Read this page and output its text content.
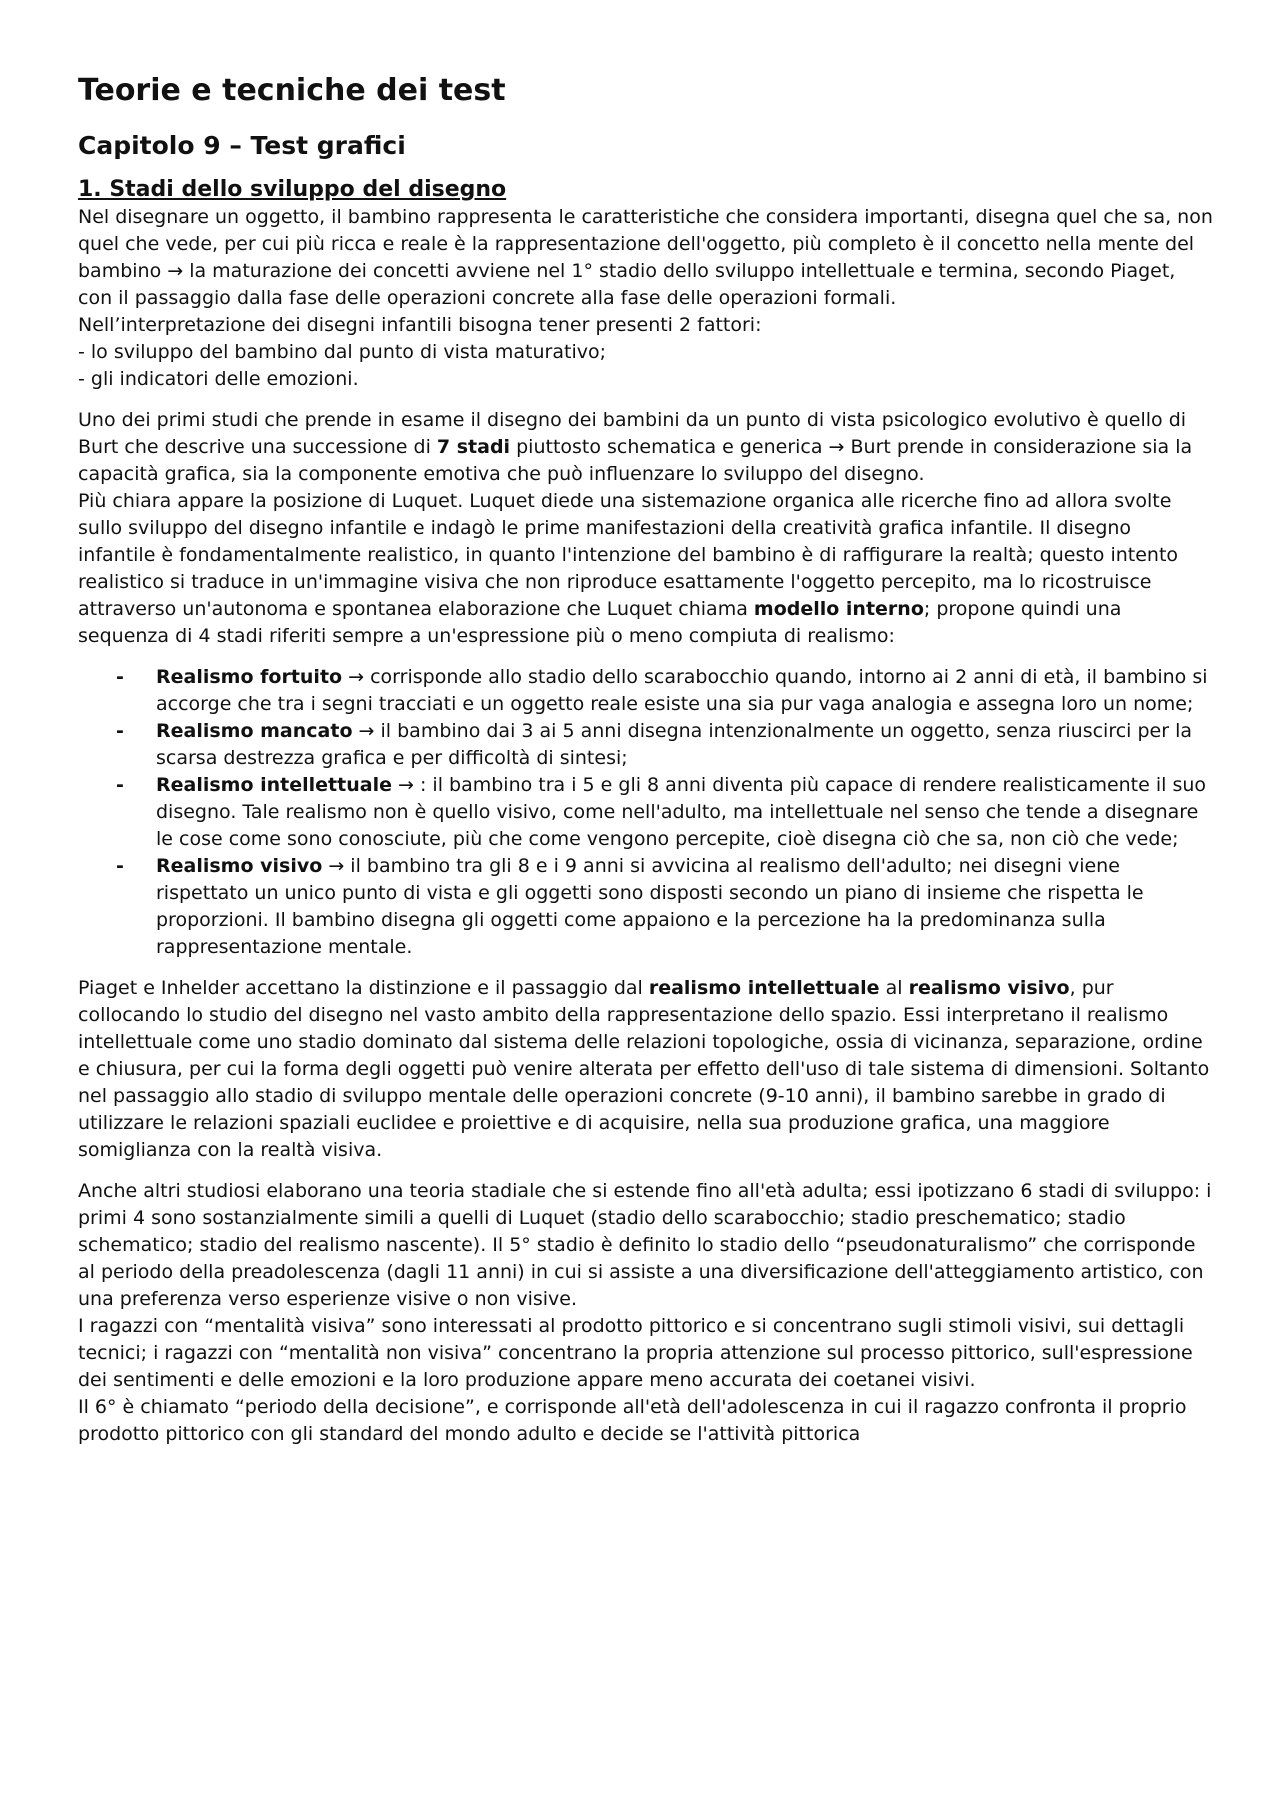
Teorie e tecniche dei test
Capitolo 9 – Test grafici
1. Stadi dello sviluppo del disegno

Nel disegnare un oggetto, il bambino rappresenta le caratteristiche che considera importanti, disegna quel che sa, non quel che vede, per cui più ricca e reale è la rappresentazione dell'oggetto, più completo è il concetto nella mente del bambino → la maturazione dei concetti avviene nel 1° stadio dello sviluppo intellettuale e termina, secondo Piaget, con il passaggio dalla fase delle operazioni concrete alla fase delle operazioni formali.

Nell’interpretazione dei disegni infantili bisogna tener presenti 2 fattori:

- lo sviluppo del bambino dal punto di vista maturativo;

- gli indicatori delle emozioni.

Uno dei primi studi che prende in esame il disegno dei bambini da un punto di vista psicologico evolutivo è quello di Burt che descrive una successione di 7 stadi piuttosto schematica e generica → Burt prende in considerazione sia la capacità grafica, sia la componente emotiva che può influenzare lo sviluppo del disegno.

Più chiara appare la posizione di Luquet. Luquet diede una sistemazione organica alle ricerche fino ad allora svolte sullo sviluppo del disegno infantile e indagò le prime manifestazioni della creatività grafica infantile. Il disegno infantile è fondamentalmente realistico, in quanto l'intenzione del bambino è di raffigurare la realtà; questo intento realistico si traduce in un'immagine visiva che non riproduce esattamente l'oggetto percepito, ma lo ricostruisce attraverso un'autonoma e spontanea elaborazione che Luquet chiama modello interno; propone quindi una sequenza di 4 stadi riferiti sempre a un'espressione più o meno compiuta di realismo:

- Realismo fortuito → corrisponde allo stadio dello scarabocchio quando, intorno ai 2 anni di età, il bambino si accorge che tra i segni tracciati e un oggetto reale esiste una sia pur vaga analogia e assegna loro un nome;
- Realismo mancato → il bambino dai 3 ai 5 anni disegna intenzionalmente un oggetto, senza riuscirci per la scarsa destrezza grafica e per difficoltà di sintesi;
- Realismo intellettuale → : il bambino tra i 5 e gli 8 anni diventa più capace di rendere realisticamente il suo disegno. Tale realismo non è quello visivo, come nell'adulto, ma intellettuale nel senso che tende a disegnare le cose come sono conosciute, più che come vengono percepite, cioè disegna ciò che sa, non ciò che vede;
- Realismo visivo → il bambino tra gli 8 e i 9 anni si avvicina al realismo dell'adulto; nei disegni viene rispettato un unico punto di vista e gli oggetti sono disposti secondo un piano di insieme che rispetta le proporzioni. Il bambino disegna gli oggetti come appaiono e la percezione ha la predominanza sulla rappresentazione mentale.

Piaget e Inhelder accettano la distinzione e il passaggio dal realismo intellettuale al realismo visivo, pur collocando lo studio del disegno nel vasto ambito della rappresentazione dello spazio. Essi interpretano il realismo intellettuale come uno stadio dominato dal sistema delle relazioni topologiche, ossia di vicinanza, separazione, ordine e chiusura, per cui la forma degli oggetti può venire alterata per effetto dell'uso di tale sistema di dimensioni. Soltanto nel passaggio allo stadio di sviluppo mentale delle operazioni concrete (9-10 anni), il bambino sarebbe in grado di utilizzare le relazioni spaziali euclidee e proiettive e di acquisire, nella sua produzione grafica, una maggiore somiglianza con la realtà visiva.

Anche altri studiosi elaborano una teoria stadiale che si estende fino all'età adulta; essi ipotizzano 6 stadi di sviluppo: i primi 4 sono sostanzialmente simili a quelli di Luquet (stadio dello scarabocchio; stadio preschematico; stadio schematico; stadio del realismo nascente). Il 5° stadio è definito lo stadio dello “pseudonaturalismo” che corrisponde al periodo della preadolescenza (dagli 11 anni) in cui si assiste a una diversificazione dell'atteggiamento artistico, con una preferenza verso esperienze visive o non visive.

I ragazzi con “mentalità visiva” sono interessati al prodotto pittorico e si concentrano sugli stimoli visivi, sui dettagli tecnici; i ragazzi con “mentalità non visiva” concentrano la propria attenzione sul processo pittorico, sull'espressione dei sentimenti e delle emozioni e la loro produzione appare meno accurata dei coetanei visivi.

Il 6° è chiamato “periodo della decisione”, e corrisponde all'età dell'adolescenza in cui il ragazzo confronta il proprio prodotto pittorico con gli standard del mondo adulto e decide se l'attività pittorica
